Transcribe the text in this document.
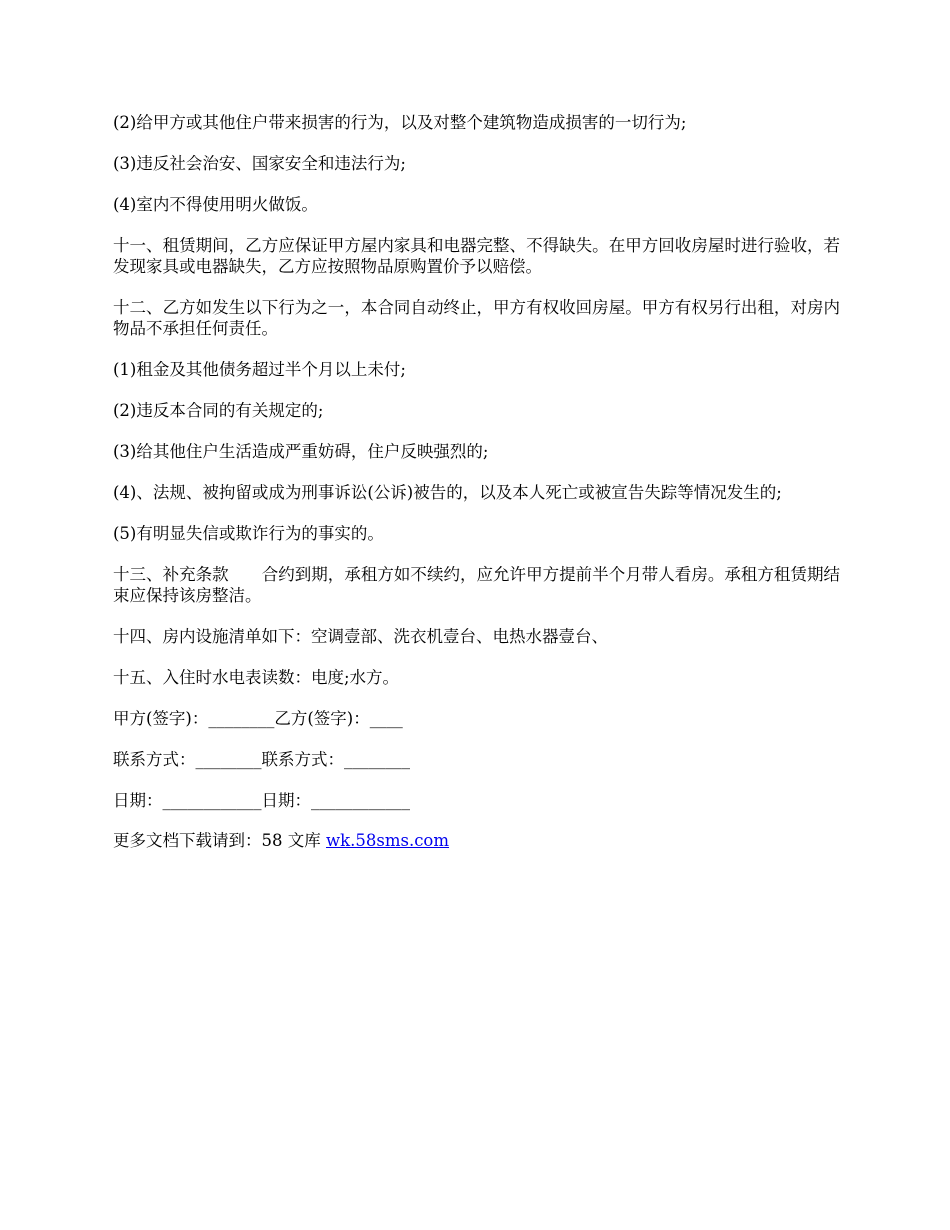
(2)给甲方或其他住户带来损害的行为，以及对整个建筑物造成损害的一切行为;

(3)违反社会治安、国家安全和违法行为;

(4)室内不得使用明火做饭。

十一、租赁期间，乙方应保证甲方屋内家具和电器完整、不得缺失。在甲方回收房屋时进行验收，若发现家具或电器缺失，乙方应按照物品原购置价予以赔偿。

十二、乙方如发生以下行为之一，本合同自动终止，甲方有权收回房屋。甲方有权另行出租，对房内物品不承担任何责任。

(1)租金及其他债务超过半个月以上未付;

(2)违反本合同的有关规定的;

(3)给其他住户生活造成严重妨碍，住户反映强烈的;

(4)、法规、被拘留或成为刑事诉讼(公诉)被告的，以及本人死亡或被宣告失踪等情况发生的;

(5)有明显失信或欺诈行为的事实的。

十三、补充条款　　合约到期，承租方如不续约，应允许甲方提前半个月带人看房。承租方租赁期结束应保持该房整洁。

十四、房内设施清单如下：空调壹部、洗衣机壹台、电热水器壹台、

十五、入住时水电表读数：电度;水方。

甲方(签字)：________乙方(签字)：____

联系方式：________联系方式：________

日期：____________日期：____________

更多文档下载请到：58 文库 wk.58sms.com
